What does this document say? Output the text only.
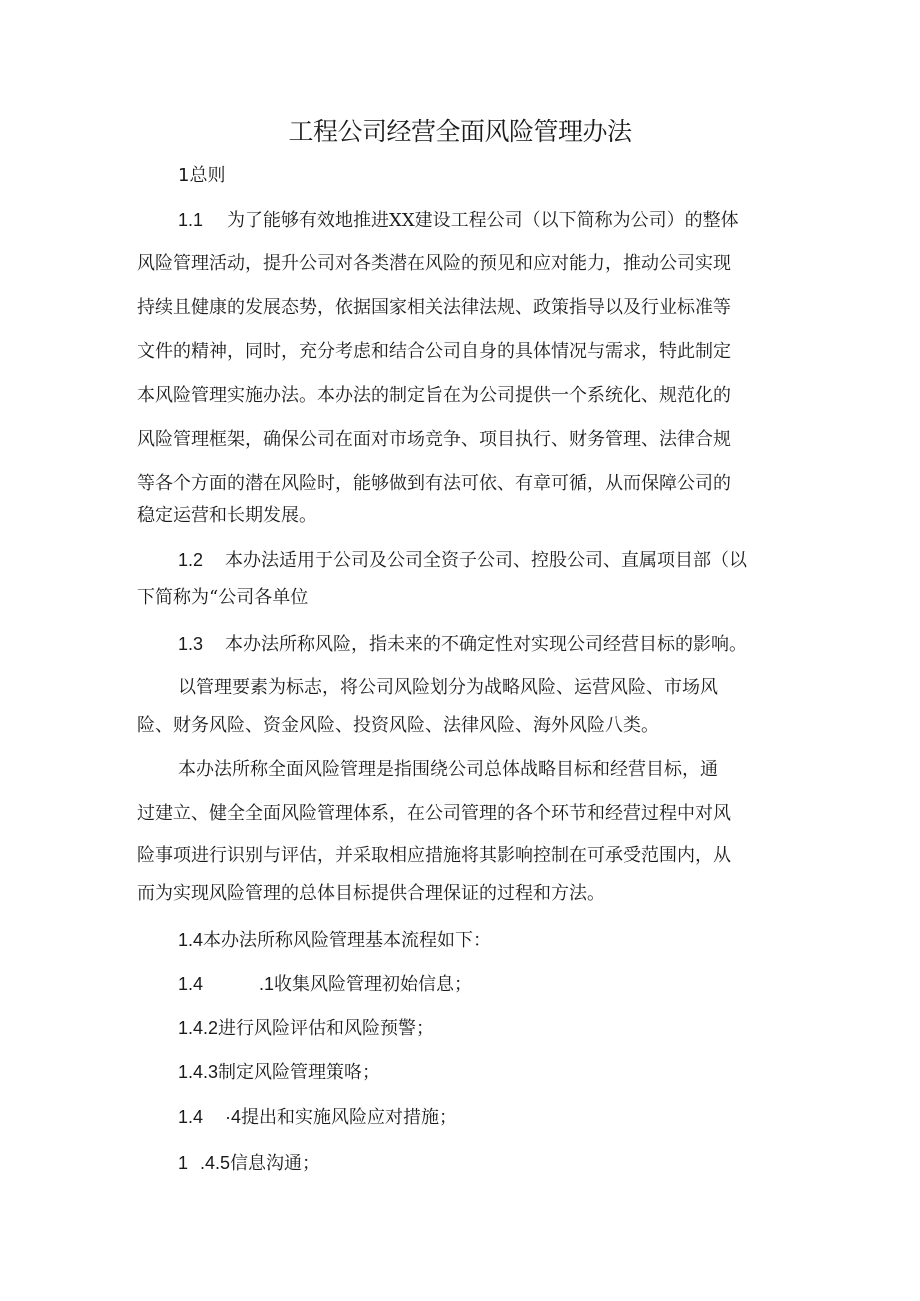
工程公司经营全面风险管理办法

1总则

1.1 为了能够有效地推进XX建设工程公司（以下简称为公司）的整体

风险管理活动，提升公司对各类潜在风险的预见和应对能力，推动公司实现

持续且健康的发展态势，依据国家相关法律法规、政策指导以及行业标准等

文件的精神，同时，充分考虑和结合公司自身的具体情况与需求，特此制定

本风险管理实施办法。本办法的制定旨在为公司提供一个系统化、规范化的

风险管理框架，确保公司在面对市场竞争、项目执行、财务管理、法律合规

等各个方面的潜在风险时，能够做到有法可依、有章可循，从而保障公司的

稳定运营和长期发展。

1.2 本办法适用于公司及公司全资子公司、控股公司、直属项目部（以

下简称为“公司各单位

1.3 本办法所称风险，指未来的不确定性对实现公司经营目标的影响。

以管理要素为标志，将公司风险划分为战略风险、运营风险、市场风

险、财务风险、资金风险、投资风险、法律风险、海外风险八类。

本办法所称全面风险管理是指围绕公司总体战略目标和经营目标，通

过建立、健全全面风险管理体系，在公司管理的各个环节和经营过程中对风

险事项进行识别与评估，并采取相应措施将其影响控制在可承受范围内，从

而为实现风险管理的总体目标提供合理保证的过程和方法。

1.4本办法所称风险管理基本流程如下：

1.4	.1收集风险管理初始信息；

1.4.2进行风险评估和风险预警；

1.4.3制定风险管理策咯；

1.4 ·4提出和实施风险应对措施；

1 .4.5信息沟通；
